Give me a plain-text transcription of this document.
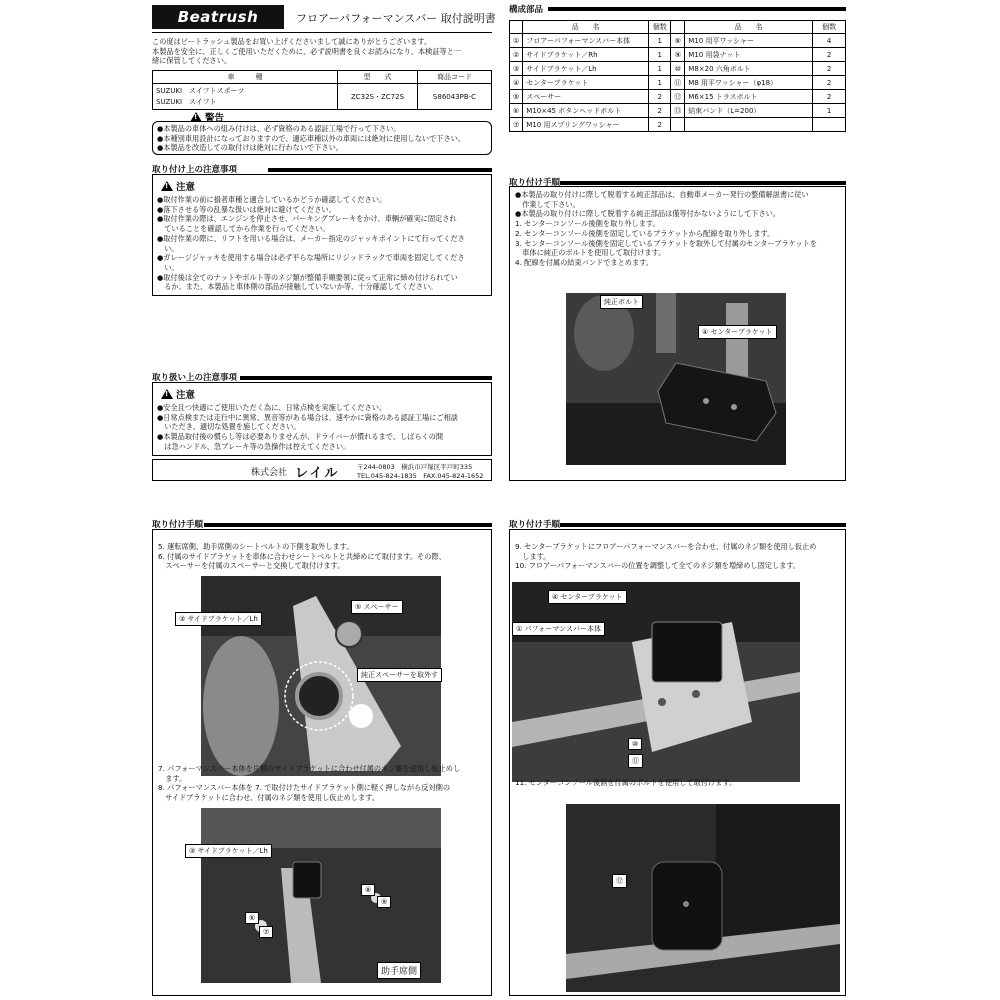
Beatrush	フロアーパフォーマンスバー 取付説明書
この度はビートラッシュ製品をお買い上げくださいまして誠にありがとうございます。
本製品を安全に、正しくご使用いただくために、必ず説明書を良くお読みになり、本検証等と一
緒に保管してください。
車　　　種	型　　式	商品コード

SUZUKI　スイフトスポーツ
SUZUKI　スイフト	ZC32S・ZC72S	S86043PB-C
!警告
●本製品の車体への組み付けは、必ず資格のある認証工場で行って下さい。
●本種別車用設計になっておりますので、適応車種以外の車両には絶対に使用しないで下さい。
●本製品を改造しての取付けは絶対に行わないで下さい。
取り付け上の注意事項
!注意
●取付作業の前に損者車種と適合しているかどうか確認してください。
●落下させる等の乱暴な扱いは絶対に避けてください。
●取付作業の際は、エンジンを停止させ、パーキングブレーキをかけ、車輌が確実に固定され
　ていることを確認してから作業を行ってください。
●取付作業の際に、リフトを用いる場合は、メーカー指定のジャッキポイントにて行ってくださ
　い。
●ガレージジャッキを使用する場合は必ず平らな場所にリジッドラックで車両を固定してくださ
　い。
●取付後は全てのナットやボルト等のネジ類が整備手順要領に従って正常に締め付けられてい
　るか、また、本製品と車体側の部品が接触していないか等、十分確認してください。
取り扱い上の注意事項
!注意
●安全且つ快適にご使用いただく為に、日常点検を実施してください。
●日常点検または走行中に異常、異音等がある場合は、速やかに資格のある認証工場にご相談
　いただき、適切な処置を施してください。
●本製品取付後の慣らし等は必要ありませんが、ドライバーが慣れるまで、しばらくの間
　は急ハンドル、急ブレーキ等の急操作は控えてください。
株式会社 レイル	〒244-0803　横浜市戸塚区平戸町335
TEL.045-824-1835　FAX.045-824-1652
構成部品
	品　　名	個数		品　　名	個数
①	フロアーパフォーマンスバー本体	1	⑧	M10 用平ワッシャー	4
②	サイドブラケット／Rh	1	⑨	M10 用袋ナット	2
③	サイドブラケット／Lh	1	⑩	M8×20 六角ボルト	2
④	センターブラケット	1	⑪	M8 用平ワッシャー（φ18）	2
⑤	スペーサー	2	⑫	M6×15 トラスボルト	2
⑥	M10×45 ボタンヘッドボルト	2	⑬	結束バンド（L=200）	1
⑦	M10 用スプリングワッシャー	2			
取り付け手順
●本製品の取り付けに際して脱着する純正部品は、自動車メーカー発行の整備解説書に従い
　作業して下さい。
●本製品の取り付けに際して脱着する純正部品は僅等付かないようにして下さい。
1. センターコンソール後側を取り外します。
2. センターコンソール後側を固定しているブラケットから配線を取り外します。
3. センターコンソール後側を固定しているブラケットを取外して付属のセンターブラケットを
　車体に純正のボルトを使用して取付けます。
4. 配線を付属の結束バンドでまとめます。
純正ボルト
④ センターブラケット
取り付け手順
5. 運転席側、助手席側のシートベルトの下側を取外します。
6. 付属のサイドブラケットを車体に合わせシートベルトと共締めにて取付ます。その際、
　スペーサーを付属のスペーサーと交換して取付けます。
③ サイドブラケット／Lh
⑤ スペーサー
純正スペーサーを取外す
7. パフォーマンスバー本体を片側のサイドブラケットに合わせ付属のネジ類を使用し仮止めし
　ます。
8. パフォーマンスバー本体を 7. で取付けたサイドブラケット側に軽く押しながら反対側の
　サイドブラケットに合わせ、付属のネジ類を使用し仮止めします。
③ サイドブラケット／Lh
助手席側
⑥
⑦
⑧
⑨
取り付け手順
9. センターブラケットにフロアーパフォーマンスバーを合わせ、付属のネジ類を使用し仮止め
　します。
10. フロアーパフォーマンスバーの位置を調整して全てのネジ類を増締めし固定します。
④ センターブラケット
① パフォーマンスバー本体
⑩
⑪
11. センターコンソール後側を付属のボルトを使用して取付けます。
⑫
